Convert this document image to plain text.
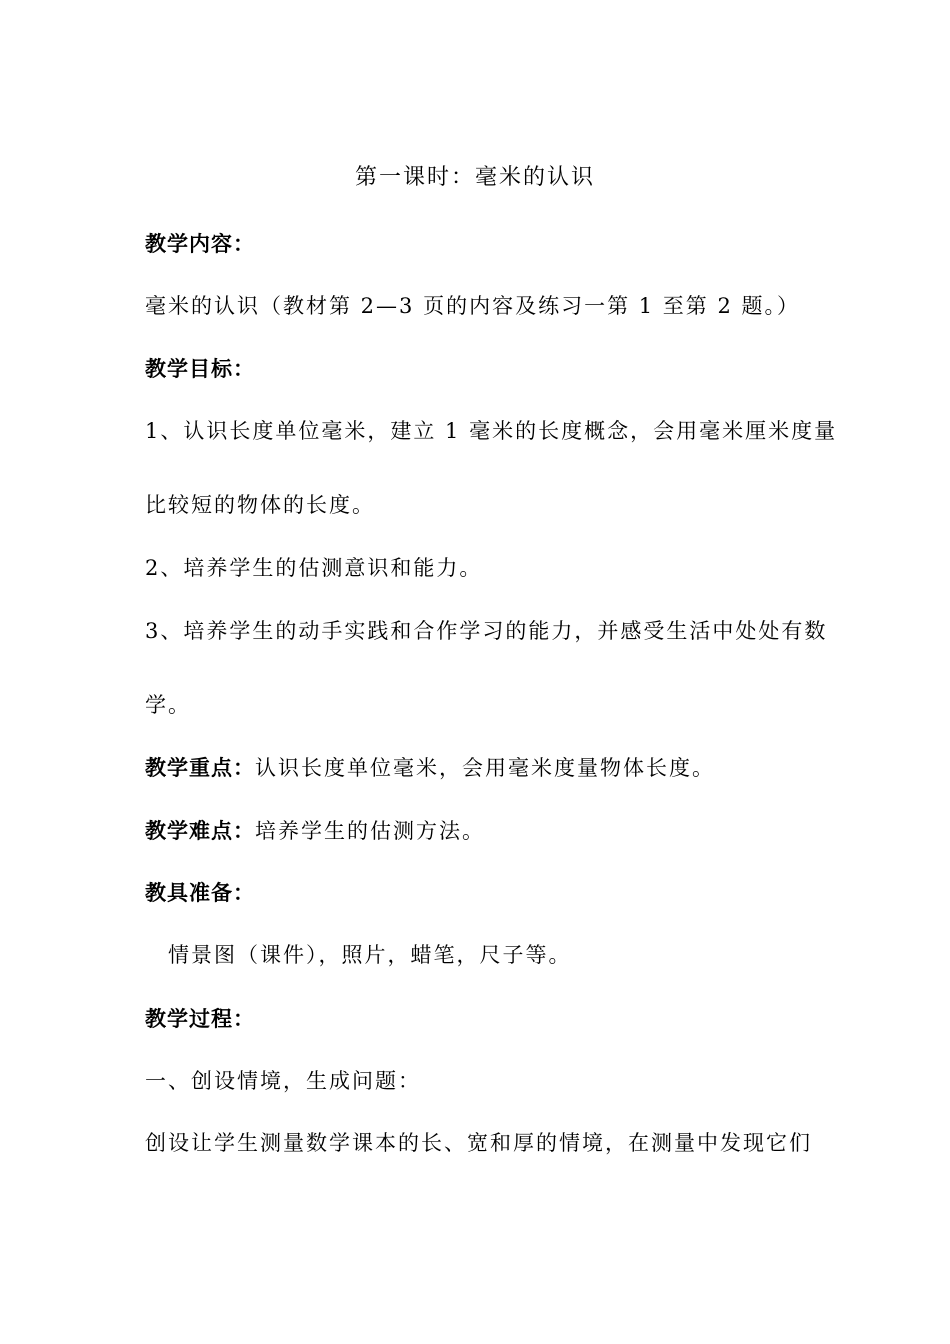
第一课时：毫米的认识
教学内容：
毫米的认识（教材第 2—3 页的内容及练习一第 1 至第 2 题。）
教学目标：
1、认识长度单位毫米，建立 1 毫米的长度概念，会用毫米厘米度量
比较短的物体的长度。
2、培养学生的估测意识和能力。
3、培养学生的动手实践和合作学习的能力，并感受生活中处处有数
学。
教学重点：认识长度单位毫米，会用毫米度量物体长度。
教学难点：培养学生的估测方法。
教具准备：
情景图（课件），照片，蜡笔，尺子等。
教学过程：
一、创设情境，生成问题：
创设让学生测量数学课本的长、宽和厚的情境，在测量中发现它们
